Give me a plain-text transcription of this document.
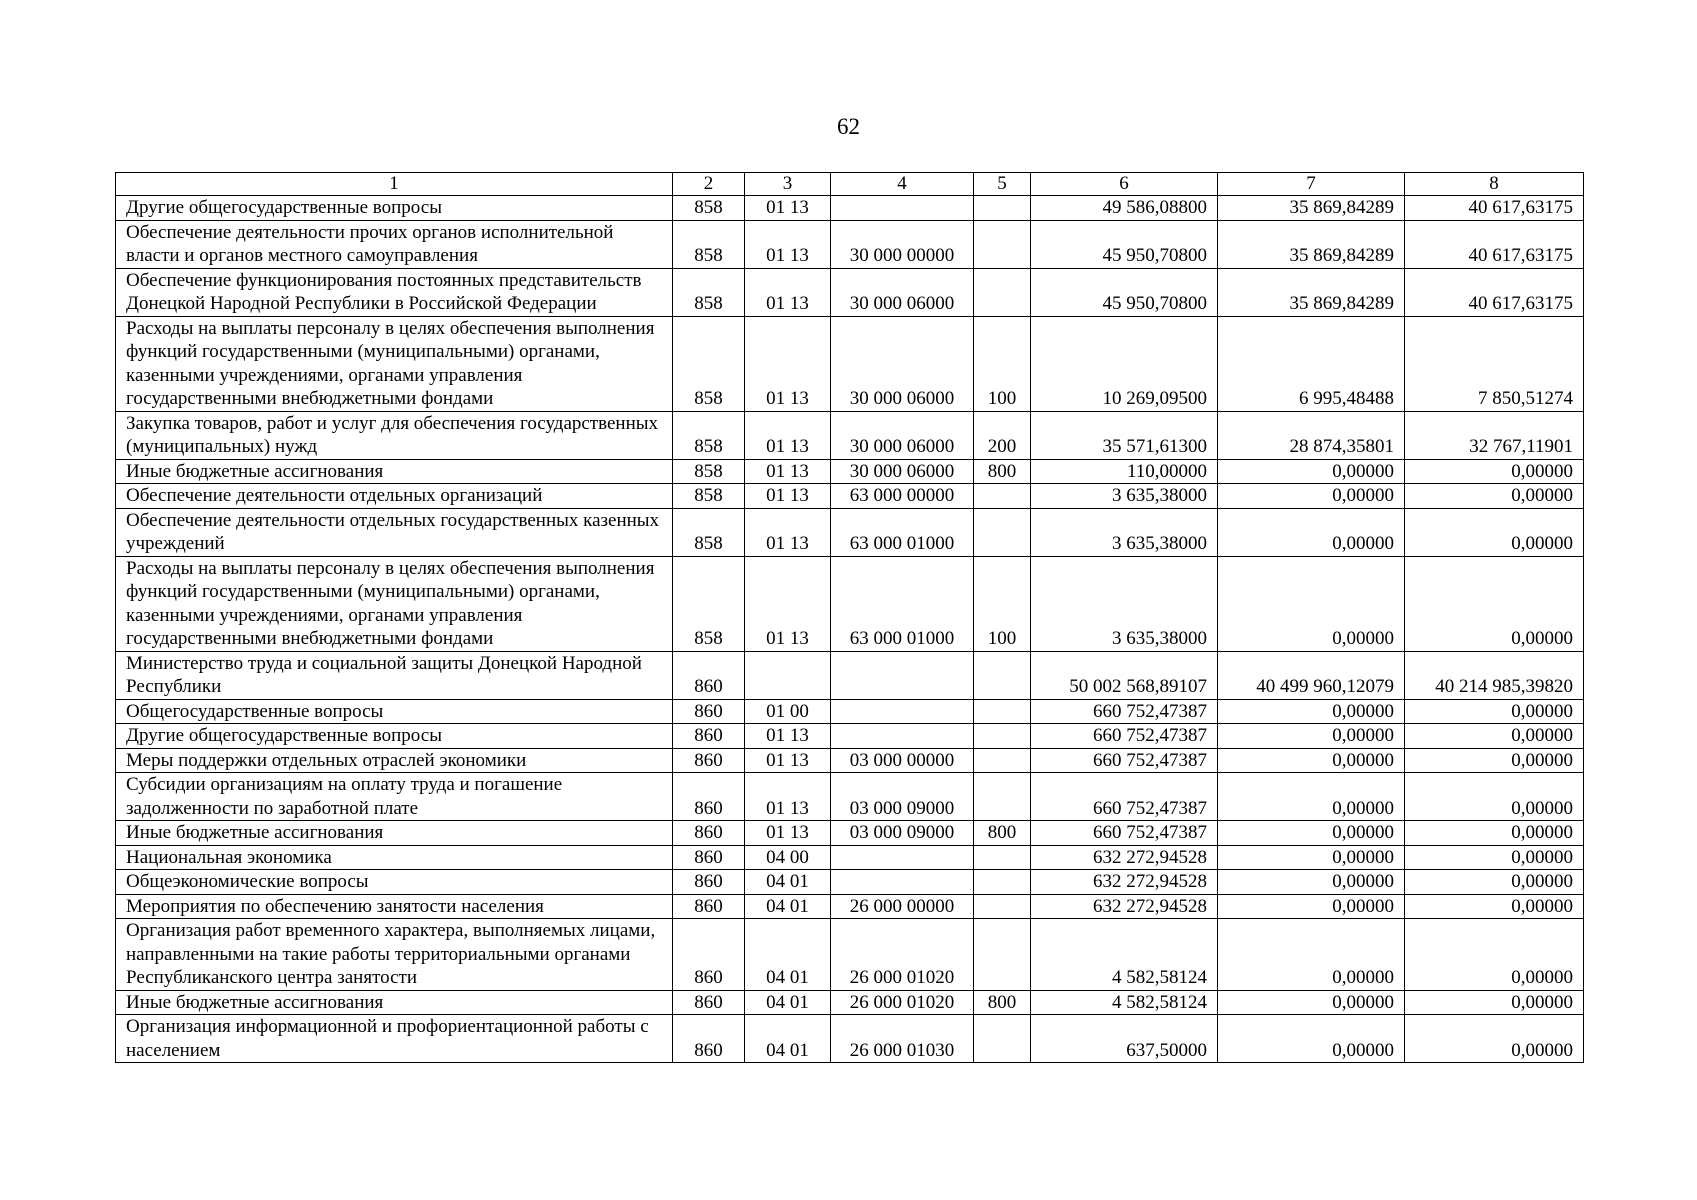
62
1	2	3	4	5	6	7	8
Другие общегосударственные вопросы	858	01 13			49 586,08800	35 869,84289	40 617,63175
Обеспечение деятельности прочих органов исполнительной власти и органов местного самоуправления	858	01 13	30 000 00000		45 950,70800	35 869,84289	40 617,63175
Обеспечение функционирования постоянных представительств Донецкой Народной Республики в Российской Федерации	858	01 13	30 000 06000		45 950,70800	35 869,84289	40 617,63175
Расходы на выплаты персоналу в целях обеспечения выполнения функций государственными (муниципальными) органами, казенными учреждениями, органами управления государственными внебюджетными фондами	858	01 13	30 000 06000	100	10 269,09500	6 995,48488	7 850,51274
Закупка товаров, работ и услуг для обеспечения государственных (муниципальных) нужд	858	01 13	30 000 06000	200	35 571,61300	28 874,35801	32 767,11901
Иные бюджетные ассигнования	858	01 13	30 000 06000	800	110,00000	0,00000	0,00000
Обеспечение деятельности отдельных организаций	858	01 13	63 000 00000		3 635,38000	0,00000	0,00000
Обеспечение деятельности отдельных государственных казенных учреждений	858	01 13	63 000 01000		3 635,38000	0,00000	0,00000
Расходы на выплаты персоналу в целях обеспечения выполнения функций государственными (муниципальными) органами, казенными учреждениями, органами управления государственными внебюджетными фондами	858	01 13	63 000 01000	100	3 635,38000	0,00000	0,00000
Министерство труда и социальной защиты Донецкой Народной Республики	860				50 002 568,89107	40 499 960,12079	40 214 985,39820
Общегосударственные вопросы	860	01 00			660 752,47387	0,00000	0,00000
Другие общегосударственные вопросы	860	01 13			660 752,47387	0,00000	0,00000
Меры поддержки отдельных отраслей экономики	860	01 13	03 000 00000		660 752,47387	0,00000	0,00000
Субсидии организациям на оплату труда и погашение задолженности по заработной плате	860	01 13	03 000 09000		660 752,47387	0,00000	0,00000
Иные бюджетные ассигнования	860	01 13	03 000 09000	800	660 752,47387	0,00000	0,00000
Национальная экономика	860	04 00			632 272,94528	0,00000	0,00000
Общеэкономические вопросы	860	04 01			632 272,94528	0,00000	0,00000
Мероприятия по обеспечению занятости населения	860	04 01	26 000 00000		632 272,94528	0,00000	0,00000
Организация работ временного характера, выполняемых лицами, направленными на такие работы территориальными органами Республиканского центра занятости	860	04 01	26 000 01020		4 582,58124	0,00000	0,00000
Иные бюджетные ассигнования	860	04 01	26 000 01020	800	4 582,58124	0,00000	0,00000
Организация информационной и профориентационной работы с населением	860	04 01	26 000 01030		637,50000	0,00000	0,00000
